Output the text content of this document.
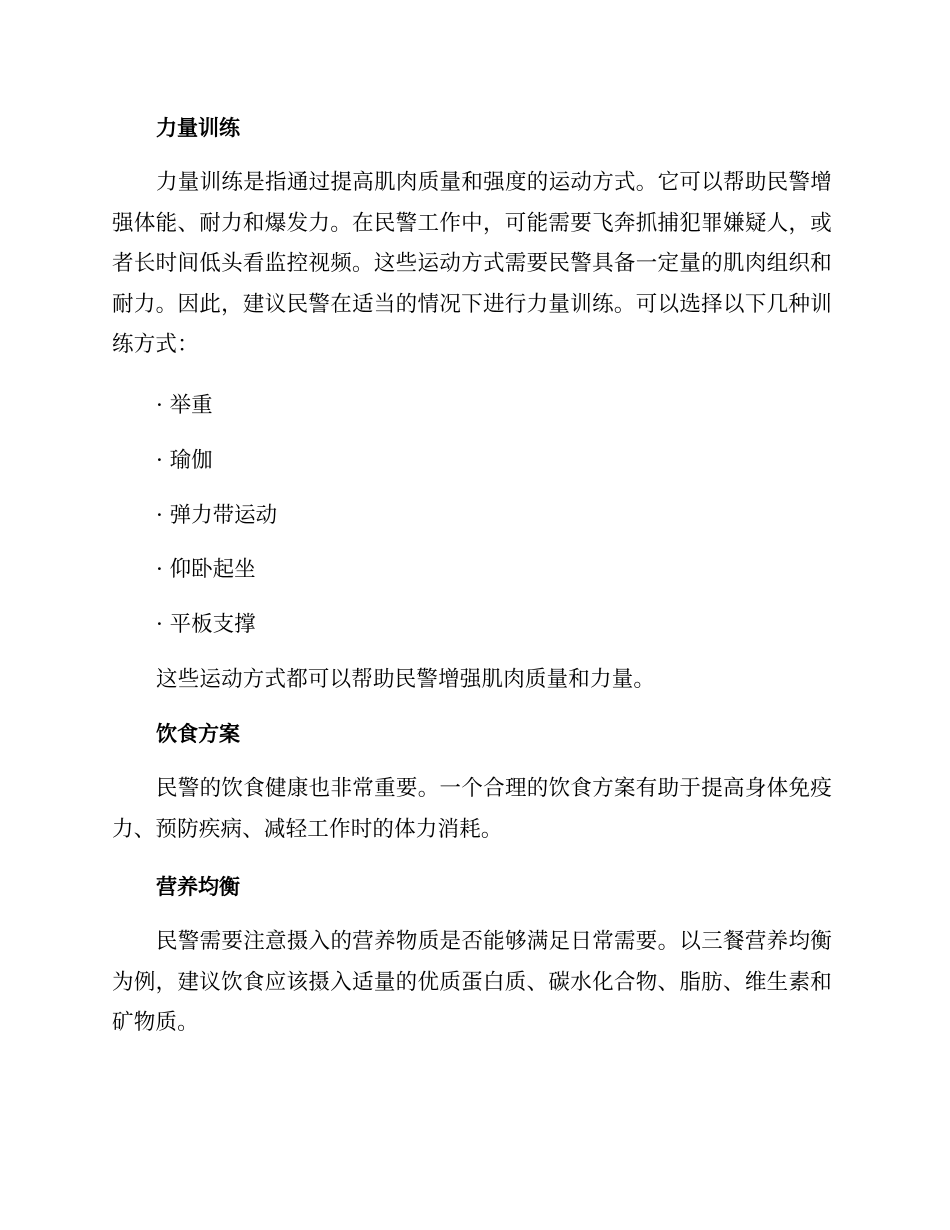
力量训练
力量训练是指通过提高肌肉质量和强度的运动方式。它可以帮助民警增强体能、耐力和爆发力。在民警工作中，可能需要飞奔抓捕犯罪嫌疑人，或者长时间低头看监控视频。这些运动方式需要民警具备一定量的肌肉组织和耐力。因此，建议民警在适当的情况下进行力量训练。可以选择以下几种训练方式：
· 举重
· 瑜伽
· 弹力带运动
· 仰卧起坐
· 平板支撑
这些运动方式都可以帮助民警增强肌肉质量和力量。
饮食方案
民警的饮食健康也非常重要。一个合理的饮食方案有助于提高身体免疫力、预防疾病、减轻工作时的体力消耗。
营养均衡
民警需要注意摄入的营养物质是否能够满足日常需要。以三餐营养均衡为例，建议饮食应该摄入适量的优质蛋白质、碳水化合物、脂肪、维生素和矿物质。
